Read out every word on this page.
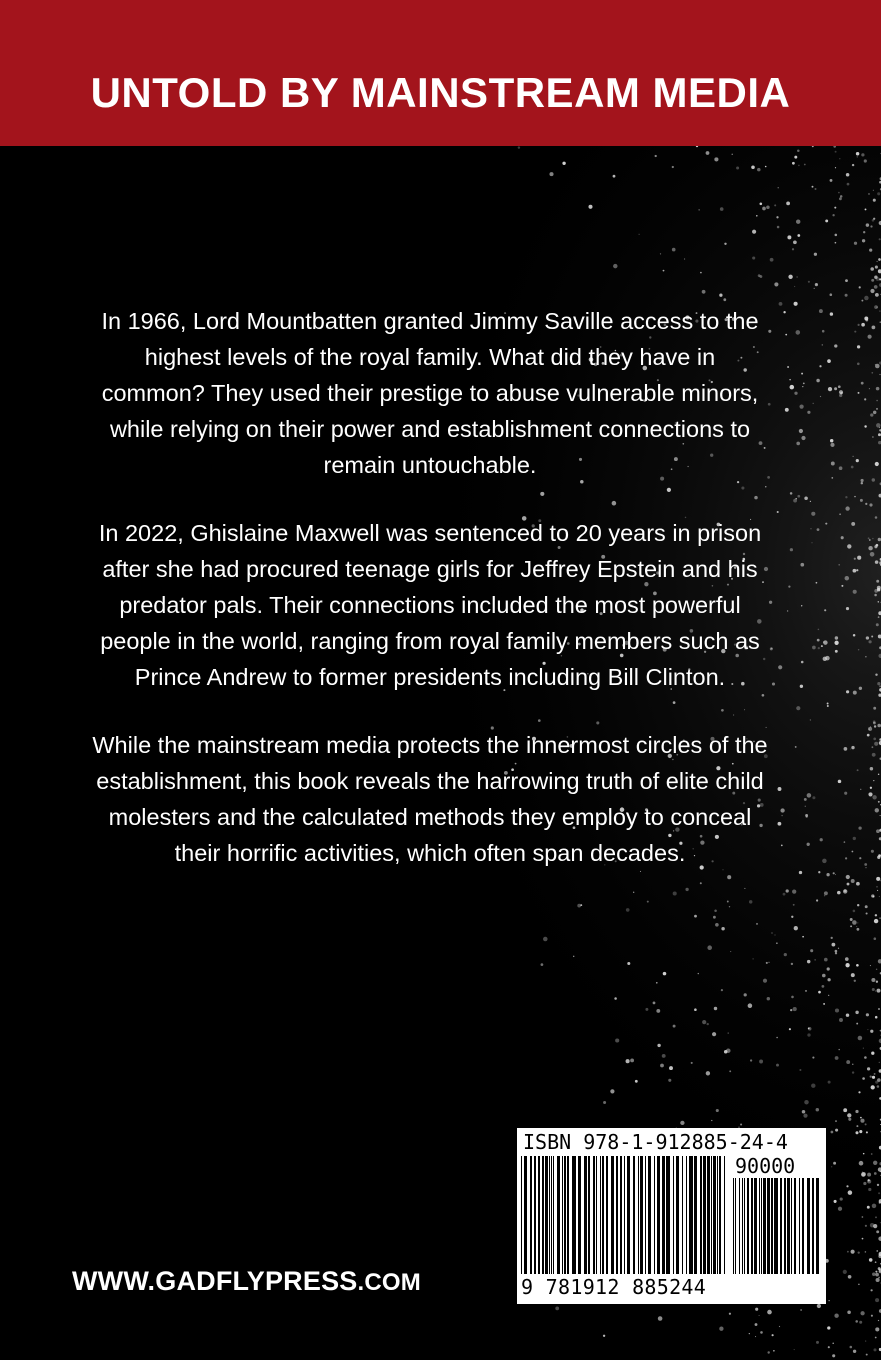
UNTOLD BY MAINSTREAM MEDIA

In 1966, Lord Mountbatten granted Jimmy Saville access to the highest levels of the royal family. What did they have in common? They used their prestige to abuse vulnerable minors, while relying on their power and establishment connections to remain untouchable.

In 2022, Ghislaine Maxwell was sentenced to 20 years in prison after she had procured teenage girls for Jeffrey Epstein and his predator pals. Their connections included the most powerful people in the world, ranging from royal family members such as Prince Andrew to former presidents including Bill Clinton.

While the mainstream media protects the innermost circles of the establishment, this book reveals the harrowing truth of elite child molesters and the calculated methods they employ to conceal their horrific activities, which often span decades.

WWW.GADFLYPRESS.COM
ISBN 978-1-912885-24-4
90000
9 781912 885244
